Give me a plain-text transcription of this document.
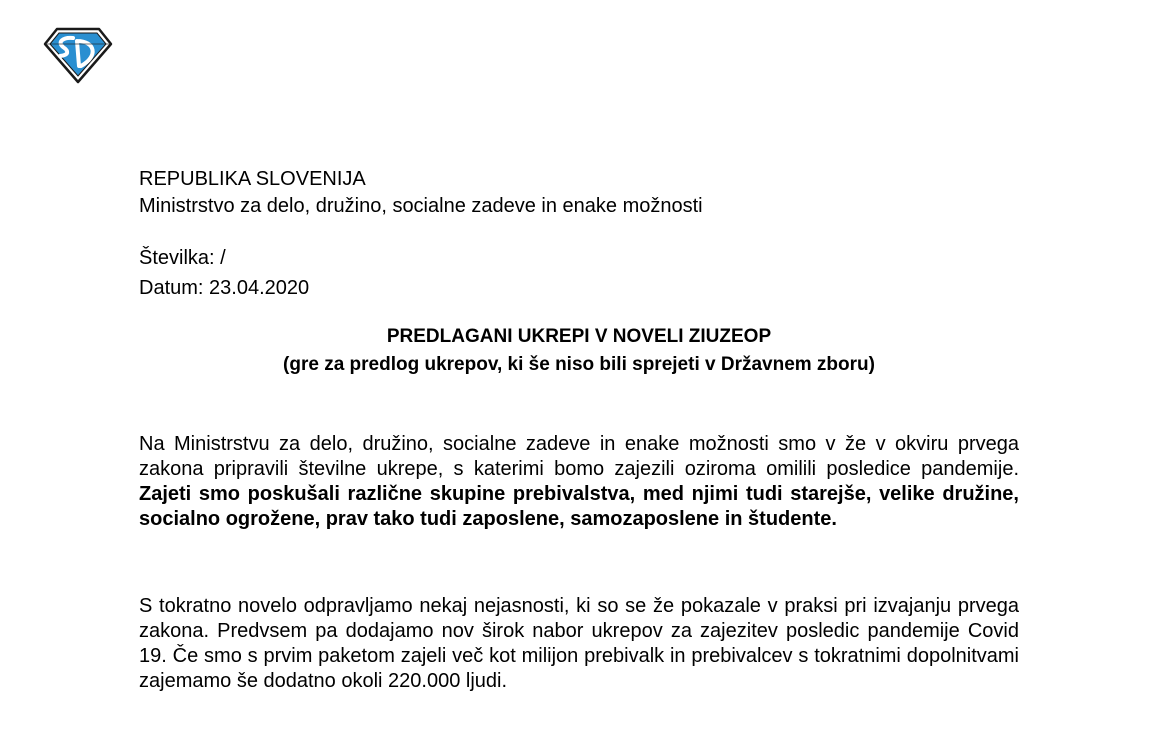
REPUBLIKA SLOVENIJA
Ministrstvo za delo, družino, socialne zadeve in enake možnosti
Številka: /
Datum: 23.04.2020
PREDLAGANI UKREPI V NOVELI ZIUZEOP
(gre za predlog ukrepov, ki še niso bili sprejeti v Državnem zboru)

Na Ministrstvu za delo, družino, socialne zadeve in enake možnosti smo v že v okviru prvega zakona pripravili številne ukrepe, s katerimi bomo zajezili oziroma omilili posledice pandemije. Zajeti smo poskušali različne skupine prebivalstva, med njimi tudi starejše, velike družine, socialno ogrožene, prav tako tudi zaposlene, samozaposlene in študente.

S tokratno novelo odpravljamo nekaj nejasnosti, ki so se že pokazale v praksi pri izvajanju prvega zakona. Predvsem pa dodajamo nov širok nabor ukrepov za zajezitev posledic pandemije Covid 19. Če smo s prvim paketom zajeli več kot milijon prebivalk in prebivalcev s tokratnimi dopolnitvami zajemamo še dodatno okoli 220.000 ljudi.
